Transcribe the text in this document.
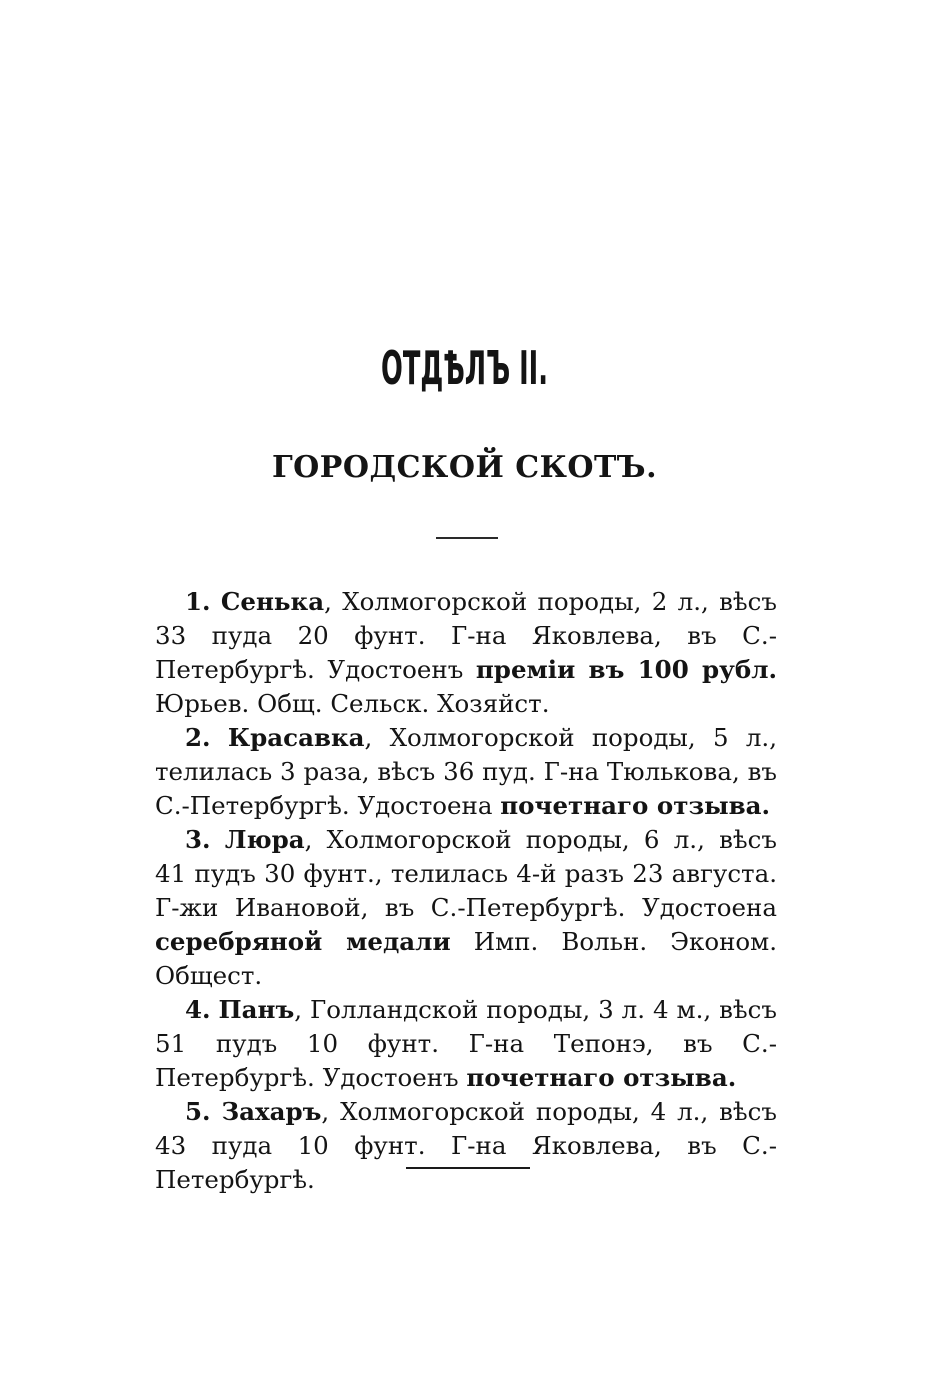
ОТДѢЛЪ II.
ГОРОДСКОЙ СКОТЪ.

1. Сенька, Холмогорской породы, 2 л., вѣсъ 33 пуда 20 фунт. Г-на Яковлева, въ С.-Петербургѣ. Удостоенъ преміи въ 100 рубл. Юрьев. Общ. Сельск. Хозяйст.

2. Красавка, Холмогорской породы, 5 л., телилась 3 раза, вѣсъ 36 пуд. Г-на Тюлькова, въ С.-Петербургѣ. Удостоена почетнаго отзыва.

3. Люра, Холмогорской породы, 6 л., вѣсъ 41 пудъ 30 фунт., телилась 4-й разъ 23 августа. Г-жи Ивановой, въ С.-Петербургѣ. Удостоена серебряной медали Имп. Вольн. Эконом. Общест.

4. Панъ, Голландской породы, 3 л. 4 м., вѣсъ 51 пудъ 10 фунт. Г-на Тепонэ, въ С.-Петербургѣ. Удостоенъ почетнаго отзыва.

5. Захаръ, Холмогорской породы, 4 л., вѣсъ 43 пуда 10 фунт. Г-на Яковлева, въ С.-Петербургѣ.
